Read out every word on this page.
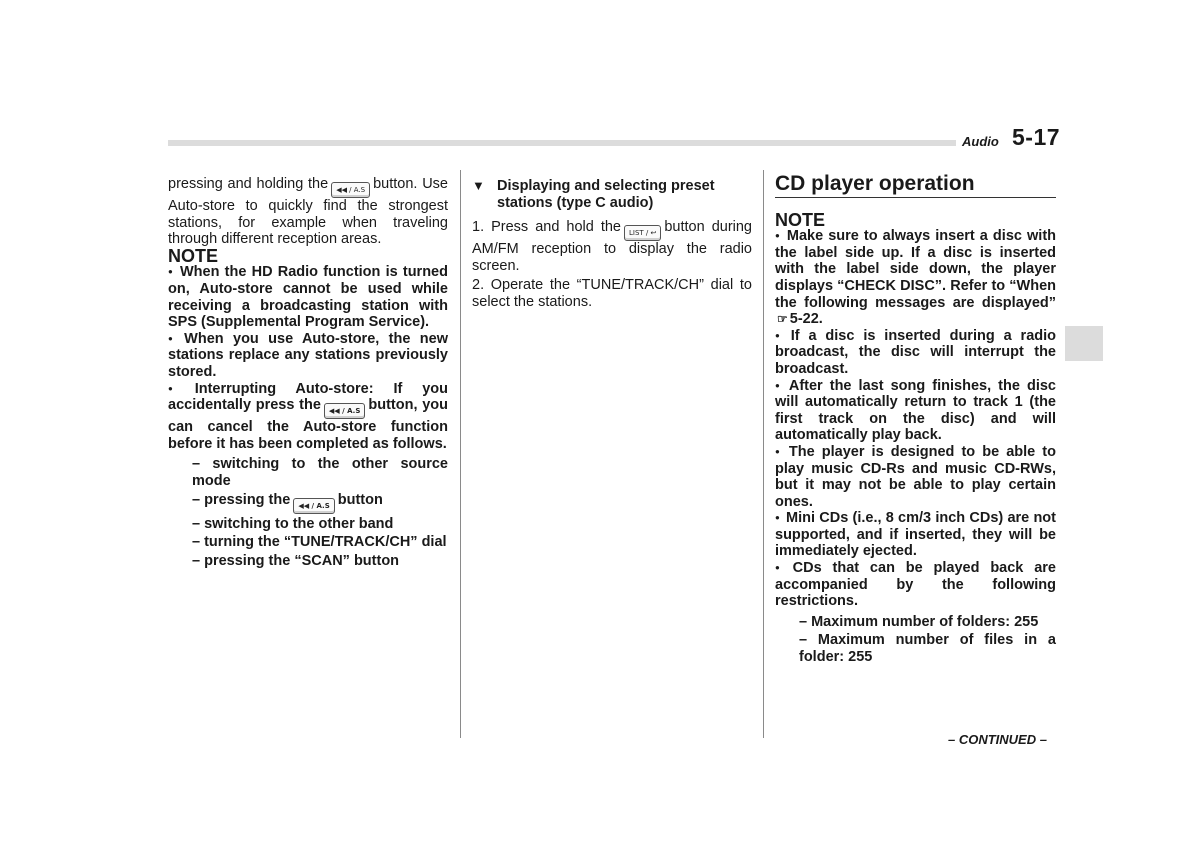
Audio 5-17

pressing and holding the ◀◀ / A.S button. Use Auto-store to quickly find the strongest stations, for example when traveling through different reception areas.

NOTE

● When the HD Radio function is turned on, Auto-store cannot be used while receiving a broadcasting station with SPS (Supplemental Program Service).

● When you use Auto-store, the new stations replace any stations previously stored.

● Interrupting Auto-store: If you accidentally press the ◀◀ / A.S button, you can cancel the Auto-store function before it has been completed as follows.

– switching to the other source mode

– pressing the ◀◀ / A.S button

– switching to the other band

– turning the “TUNE/TRACK/CH” dial

– pressing the “SCAN” button

▼ Displaying and selecting preset stations (type C audio)

1. Press and hold the LIST / ↩ button during AM/FM reception to display the radio screen.

2. Operate the “TUNE/TRACK/CH” dial to select the stations.

CD player operation

NOTE

● Make sure to always insert a disc with the label side up. If a disc is inserted with the label side down, the player displays “CHECK DISC”. Refer to “When the following messages are displayed” ☞ 5-22.

● If a disc is inserted during a radio broadcast, the disc will interrupt the broadcast.

● After the last song finishes, the disc will automatically return to track 1 (the first track on the disc) and will automatically play back.

● The player is designed to be able to play music CD-Rs and music CD-RWs, but it may not be able to play certain ones.

● Mini CDs (i.e., 8 cm/3 inch CDs) are not supported, and if inserted, they will be immediately ejected.

● CDs that can be played back are accompanied by the following restrictions.

– Maximum number of folders: 255

– Maximum number of files in a folder: 255

– CONTINUED –
